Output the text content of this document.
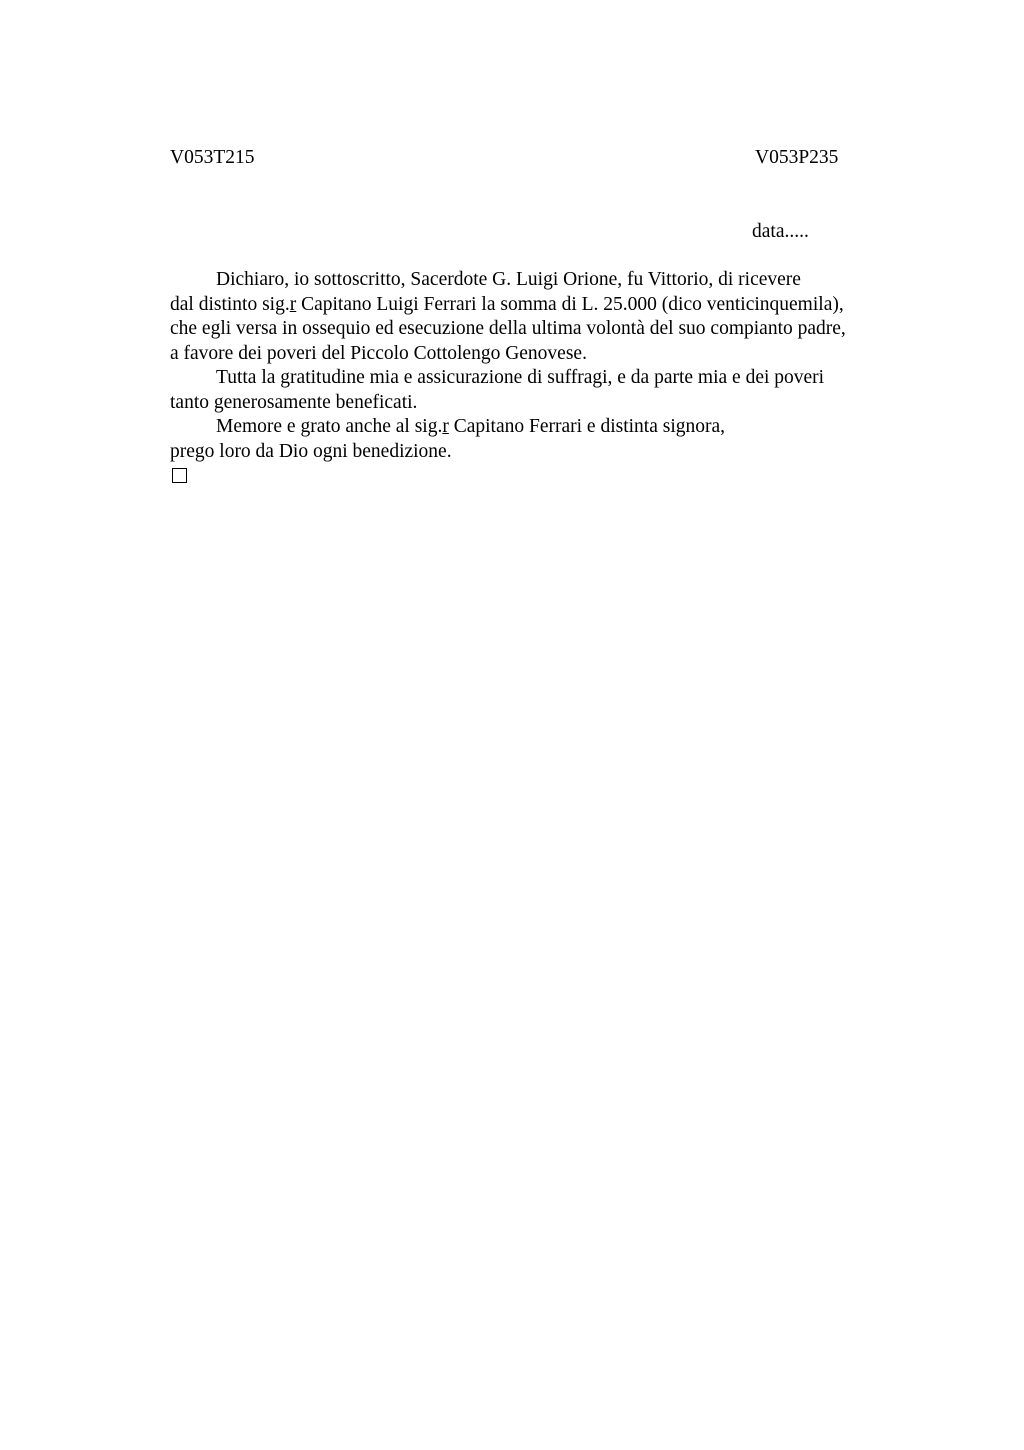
V053T215	V053P235
data.....

Dichiaro, io sottoscritto, Sacerdote G. Luigi Orione, fu Vittorio, di ricevere
dal distinto sig.r Capitano Luigi Ferrari la somma di L. 25.000 (dico venticinquemila),
che egli versa in ossequio ed esecuzione della ultima volontà del suo compianto padre,
a favore dei poveri del Piccolo Cottolengo Genovese.

Tutta la gratitudine mia e assicurazione di suffragi, e da parte mia e dei poveri
tanto generosamente beneficati.

Memore e grato anche al sig.r Capitano Ferrari e distinta signora,
prego loro da Dio ogni benedizione.
